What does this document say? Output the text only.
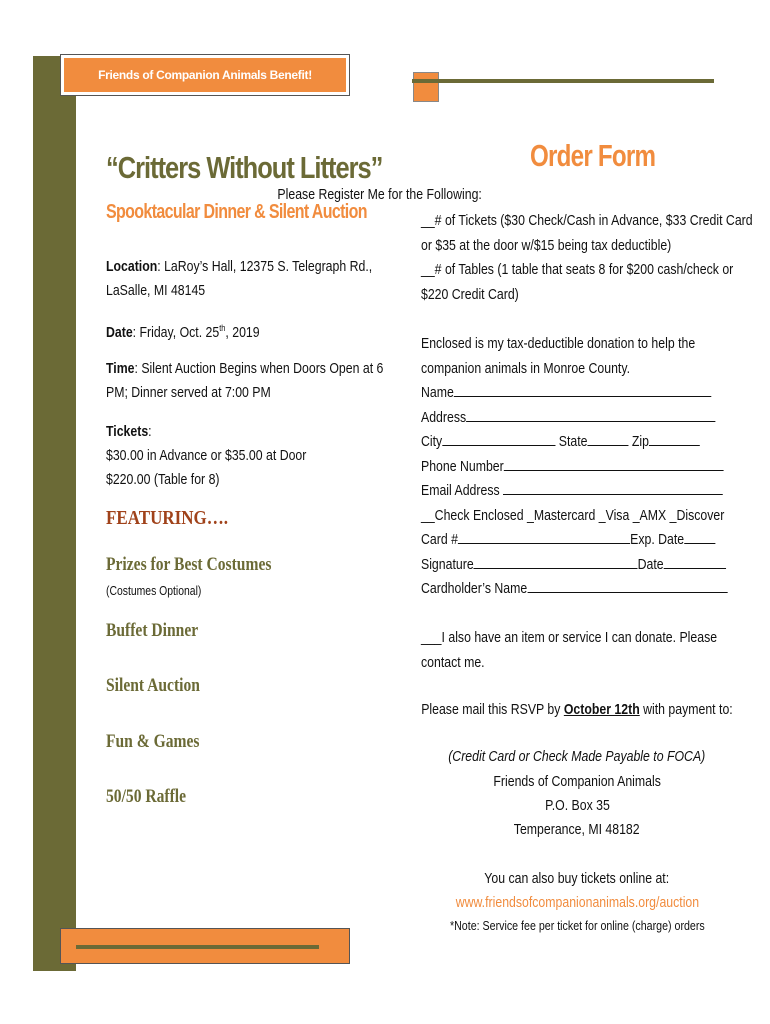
Friends of Companion Animals Benefit!
“Critters Without Litters”
Spooktacular Dinner & Silent Auction
Location: LaRoy’s Hall, 12375 S. Telegraph Rd.,
LaSalle, MI 48145
Date: Friday, Oct. 25th, 2019
Time: Silent Auction Begins when Doors Open at 6
PM; Dinner served at 7:00 PM
Tickets:
$30.00 in Advance or $35.00 at Door
$220.00 (Table for 8)
FEATURING….
Prizes for Best Costumes
(Costumes Optional)
Buffet Dinner
Silent Auction
Fun & Games
50/50 Raffle
Order Form
Please Register Me for the Following:
__# of Tickets ($30 Check/Cash in Advance, $33 Credit Card
or $35 at the door w/$15 being tax deductible)
__# of Tables (1 table that seats 8 for $200 cash/check or
$220 Credit Card)
Enclosed is my tax-deductible donation to help the
companion animals in Monroe County.
Name
Address
City	State	Zip
Phone Number
Email Address
__Check Enclosed _Mastercard _Visa _AMX _Discover
Card #	Exp. Date
Signature	Date
Cardholder’s Name
___I also have an item or service I can donate. Please
contact me.
Please mail this RSVP by October 12th with payment to:
(Credit Card or Check Made Payable to FOCA)
Friends of Companion Animals
P.O. Box 35
Temperance, MI 48182
You can also buy tickets online at:
www.friendsofcompanionanimals.org/auction
*Note: Service fee per ticket for online (charge) orders
